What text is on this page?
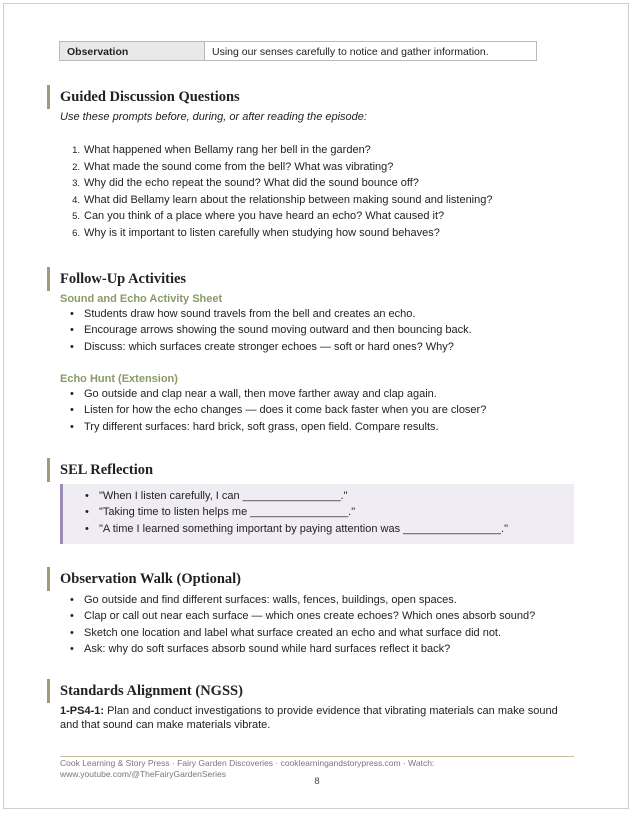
Observation	Using our senses carefully to notice and gather information.
Guided Discussion Questions
Use these prompts before, during, or after reading the episode:
1. What happened when Bellamy rang her bell in the garden?
2. What made the sound come from the bell? What was vibrating?
3. Why did the echo repeat the sound? What did the sound bounce off?
4. What did Bellamy learn about the relationship between making sound and listening?
5. Can you think of a place where you have heard an echo? What caused it?
6. Why is it important to listen carefully when studying how sound behaves?
Follow-Up Activities
Sound and Echo Activity Sheet
• Students draw how sound travels from the bell and creates an echo.
• Encourage arrows showing the sound moving outward and then bouncing back.
• Discuss: which surfaces create stronger echoes — soft or hard ones? Why?
Echo Hunt (Extension)
• Go outside and clap near a wall, then move farther away and clap again.
• Listen for how the echo changes — does it come back faster when you are closer?
• Try different surfaces: hard brick, soft grass, open field. Compare results.
SEL Reflection
• "When I listen carefully, I can ________________."
• "Taking time to listen helps me ________________."
• "A time I learned something important by paying attention was ________________."
Observation Walk (Optional)
• Go outside and find different surfaces: walls, fences, buildings, open spaces.
• Clap or call out near each surface — which ones create echoes? Which ones absorb sound?
• Sketch one location and label what surface created an echo and what surface did not.
• Ask: why do soft surfaces absorb sound while hard surfaces reflect it back?
Standards Alignment (NGSS)
1-PS4-1: Plan and conduct investigations to provide evidence that vibrating materials can make sound and that sound can make materials vibrate.
Cook Learning & Story Press · Fairy Garden Discoveries · cooklearningandstorypress.com · Watch:
www.youtube.com/@TheFairyGardenSeries
8
